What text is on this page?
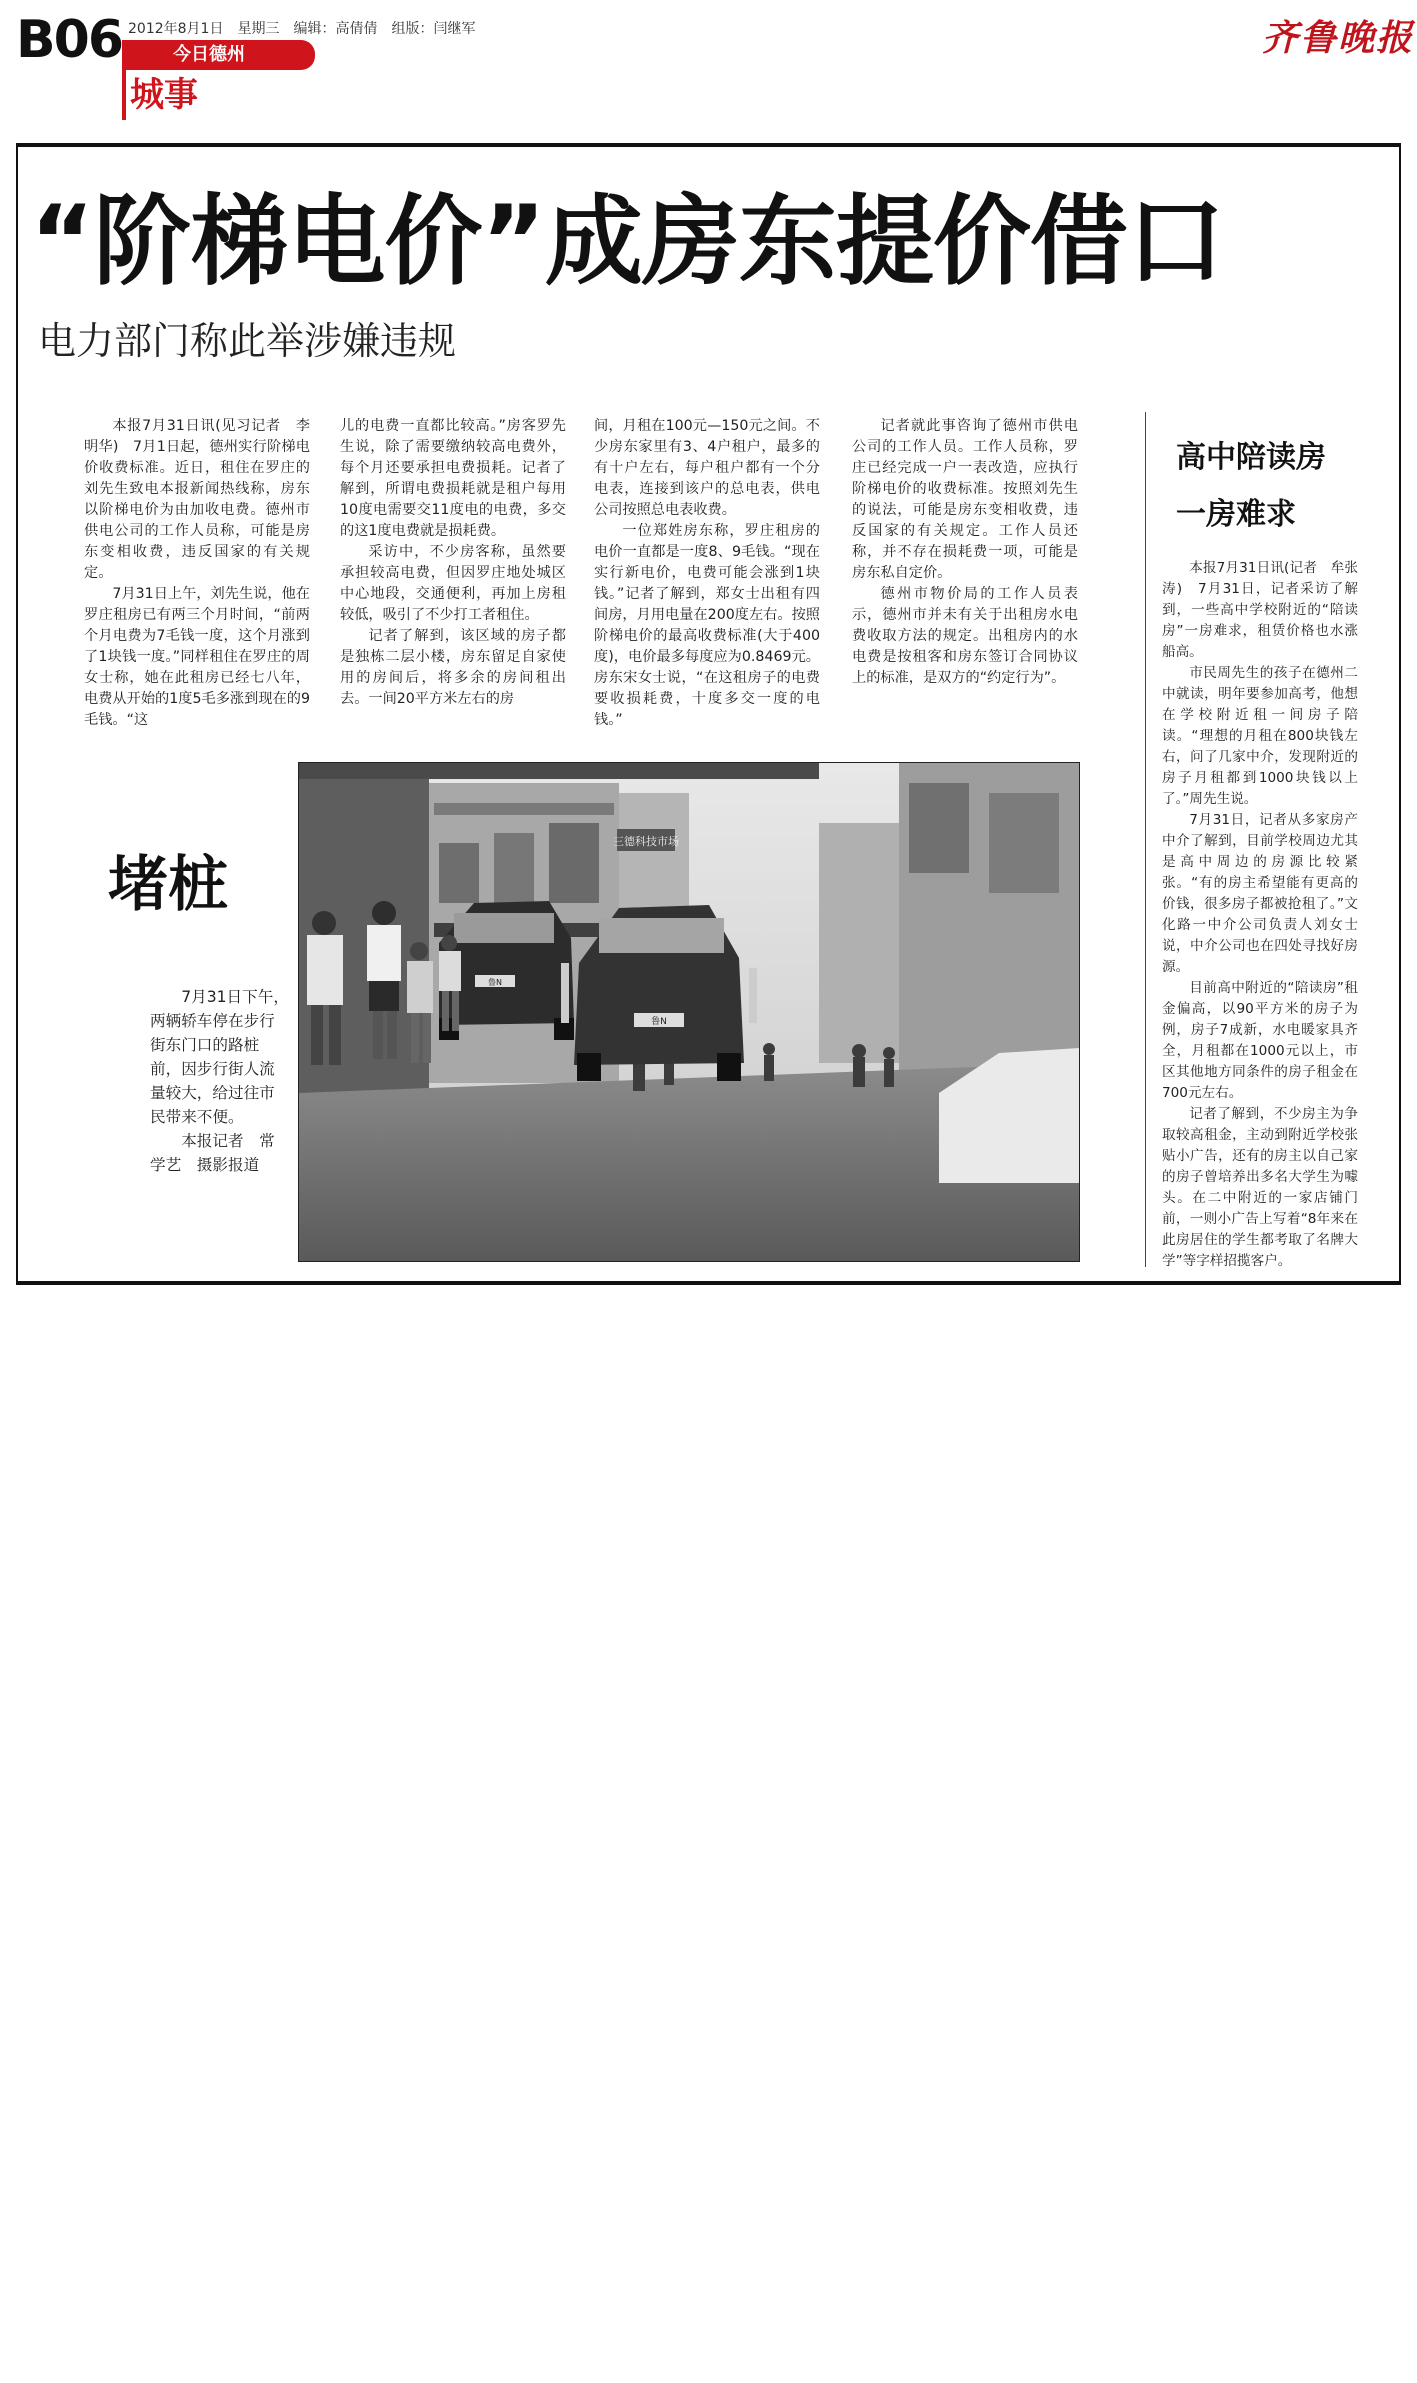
B06 2012年8月1日　星期三　编辑：高倩倩　组版：闫继军
今日德州
城事
齐鲁晚报
“阶梯电价”成房东提价借口
电力部门称此举涉嫌违规

本报7月31日讯(见习记者　李明华)　7月1日起，德州实行阶梯电价收费标准。近日，租住在罗庄的刘先生致电本报新闻热线称，房东以阶梯电价为由加收电费。德州市供电公司的工作人员称，可能是房东变相收费，违反国家的有关规定。

7月31日上午，刘先生说，他在罗庄租房已有两三个月时间，“前两个月电费为7毛钱一度，这个月涨到了1块钱一度。”同样租住在罗庄的周女士称，她在此租房已经七八年，电费从开始的1度5毛多涨到现在的9毛钱。“这

儿的电费一直都比较高。”房客罗先生说，除了需要缴纳较高电费外，每个月还要承担电费损耗。记者了解到，所谓电费损耗就是租户每用10度电需要交11度电的电费，多交的这1度电费就是损耗费。

采访中，不少房客称，虽然要承担较高电费，但因罗庄地处城区中心地段，交通便利，再加上房租较低，吸引了不少打工者租住。

记者了解到，该区域的房子都是独栋二层小楼，房东留足自家使用的房间后，将多余的房间租出去。一间20平方米左右的房

间，月租在100元—150元之间。不少房东家里有3、4户租户，最多的有十户左右，每户租户都有一个分电表，连接到该户的总电表，供电公司按照总电表收费。

一位郑姓房东称，罗庄租房的电价一直都是一度8、9毛钱。“现在实行新电价，电费可能会涨到1块钱。”记者了解到，郑女士出租有四间房，月用电量在200度左右。按照阶梯电价的最高收费标准(大于400度)，电价最多每度应为0.8469元。房东宋女士说，“在这租房子的电费要收损耗费，十度多交一度的电钱。”

记者就此事咨询了德州市供电公司的工作人员。工作人员称，罗庄已经完成一户一表改造，应执行阶梯电价的收费标准。按照刘先生的说法，可能是房东变相收费，违反国家的有关规定。工作人员还称，并不存在损耗费一项，可能是房东私自定价。

德州市物价局的工作人员表示，德州市并未有关于出租房水电费收取方法的规定。出租房内的水电费是按租客和房东签订合同协议上的标准，是双方的“约定行为”。

高中陪读房
一房难求

本报7月31日讯(记者　牟张涛)　7月31日，记者采访了解到，一些高中学校附近的“陪读房”一房难求，租赁价格也水涨船高。

市民周先生的孩子在德州二中就读，明年要参加高考，他想在学校附近租一间房子陪读。“理想的月租在800块钱左右，问了几家中介，发现附近的房子月租都到1000块钱以上了。”周先生说。

7月31日，记者从多家房产中介了解到，目前学校周边尤其是高中周边的房源比较紧张。“有的房主希望能有更高的价钱，很多房子都被抢租了。”文化路一中介公司负责人刘女士说，中介公司也在四处寻找好房源。

目前高中附近的“陪读房”租金偏高，以90平方米的房子为例，房子7成新，水电暖家具齐全，月租都在1000元以上，市区其他地方同条件的房子租金在700元左右。

记者了解到，不少房主为争取较高租金，主动到附近学校张贴小广告，还有的房主以自己家的房子曾培养出多名大学生为噱头。在二中附近的一家店铺门前，一则小广告上写着“8年来在此房居住的学生都考取了名牌大学”等字样招揽客户。

堵桩

7月31日下午，两辆轿车停在步行街东门口的路桩前，因步行街人流量较大，给过往市民带来不便。

本报记者　常学艺　摄影报道

三德科技市场
鲁N
鲁N
